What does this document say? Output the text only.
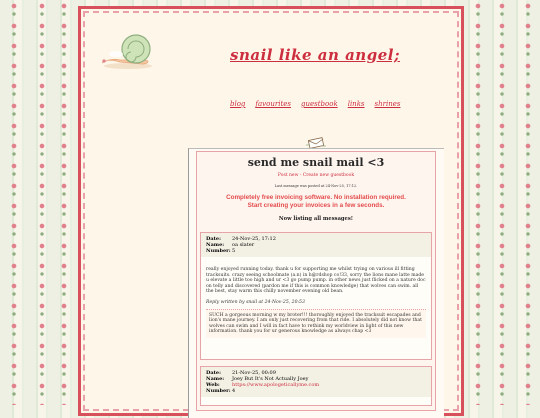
snail like an angel;
blog favourites guestbook links shrines
send me snail mail <3
Post new - Create new guestbook
Last message was posted at 24-Nov-25, 17:12.
Completely free invoicing software. No installation required.
Start creating your invoices in a few seconds.
Now listing all messages!
Date:	24-Nov-25, 17:12
Name:	oa slater
Number: 5
really enjoyed running today. thank u for supporting me whilst trying on various ill fitting tracksuits. crazy seeing schoolmate (a.n) in h@rdshop co!33, sorry the lions mane latte made u elevate a little too high and ur <3 go pump pump. in other news just flicked on a nature doc on telly and discovered (pardon me if this is common knowledge) that wolves can swim. all the best, stay warm this chilly november evening old bean.
Reply written by snail at 24-Nov-25, 20:53
SUCH a gorgeous morning w my broter!!! thoroughly enjoyed the tracksuit escapades and lion's mane journey. I am only just recovering from that ride. I absolutely did not know that wolves can swim and I will in fact have to rethink my worldview in light of this new information. thank you for ur generous knowledge as always chap <3
Date:	21-Nov-25, 00:09
Name:	Joey But It's Not Actually Joey
Web:	https://www.apologeticallyme.com
Number: 4
